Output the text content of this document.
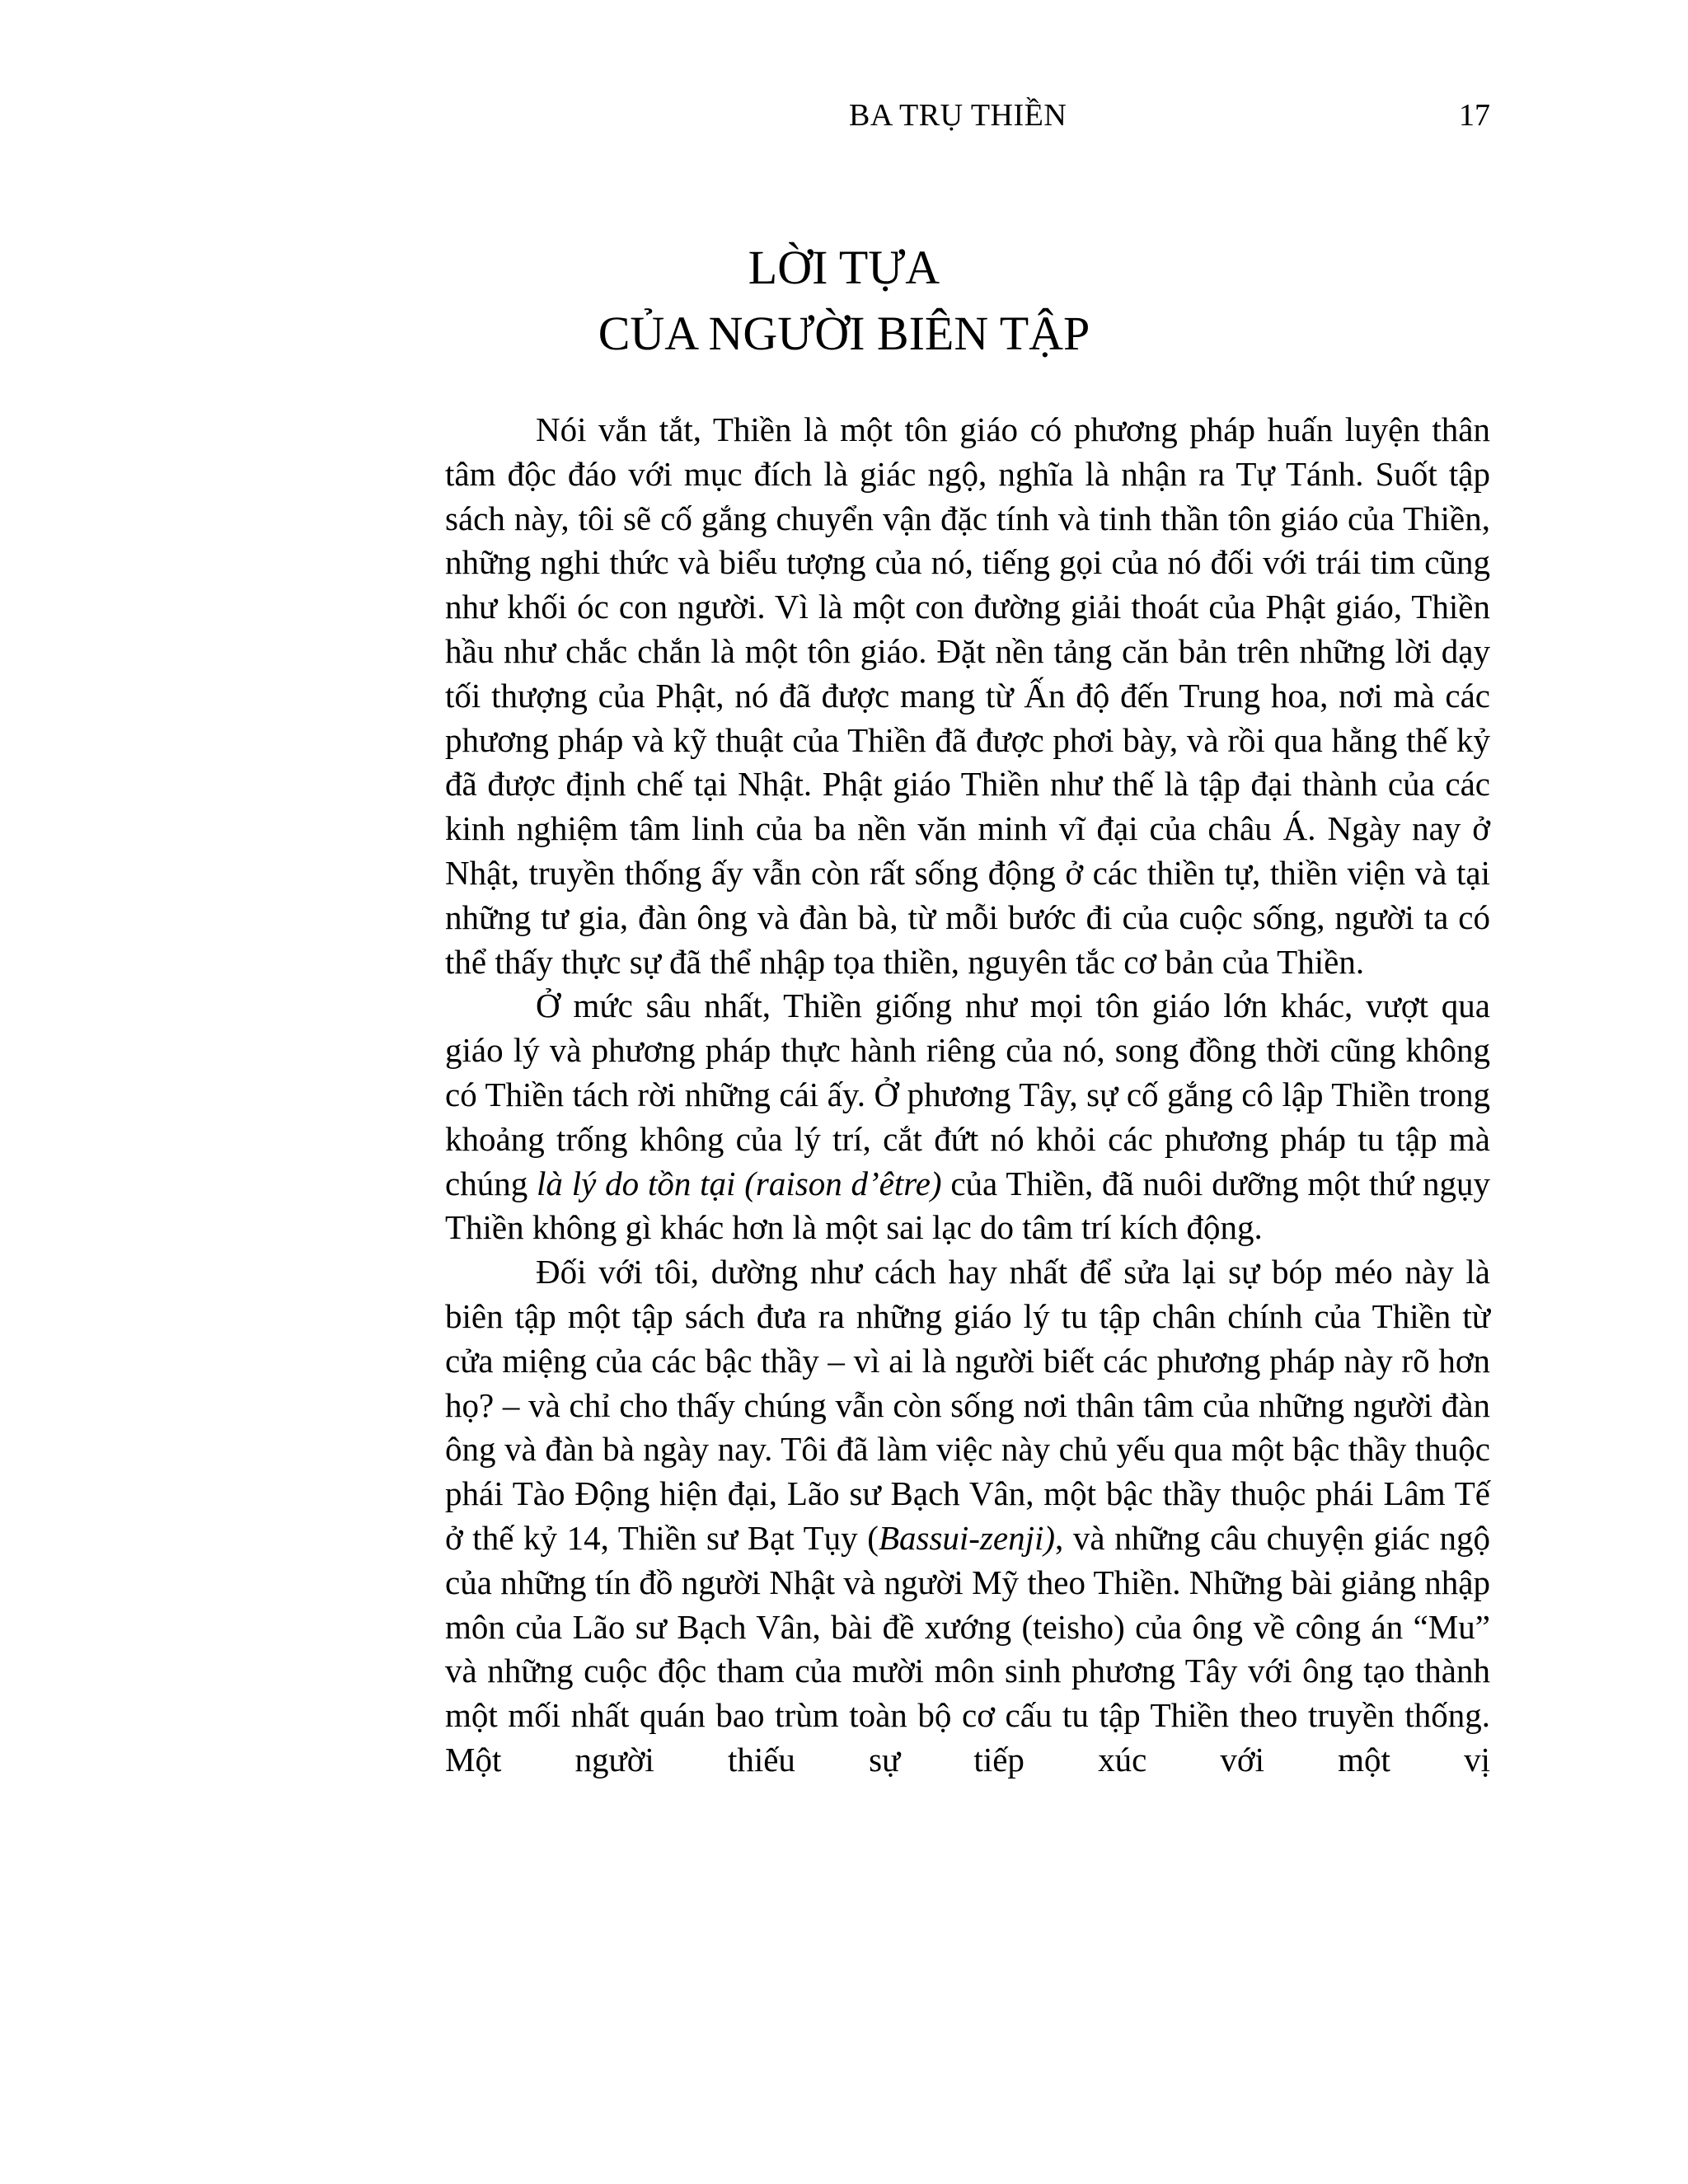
BA TRỤ THIỀN	17
LỜI TỰA
CỦA NGƯỜI BIÊN TẬP

Nói vắn tắt, Thiền là một tôn giáo có phương pháp huấn luyện thân tâm độc đáo với mục đích là giác ngộ, nghĩa là nhận ra Tự Tánh. Suốt tập sách này, tôi sẽ cố gắng chuyển vận đặc tính và tinh thần tôn giáo của Thiền, những nghi thức và biểu tượng của nó, tiếng gọi của nó đối với trái tim cũng như khối óc con người. Vì là một con đường giải thoát của Phật giáo, Thiền hầu như chắc chắn là một tôn giáo. Đặt nền tảng căn bản trên những lời dạy tối thượng của Phật, nó đã được mang từ Ấn độ đến Trung hoa, nơi mà các phương pháp và kỹ thuật của Thiền đã được phơi bày, và rồi qua hằng thế kỷ đã được định chế tại Nhật. Phật giáo Thiền như thế là tập đại thành của các kinh nghiệm tâm linh của ba nền văn minh vĩ đại của châu Á. Ngày nay ở Nhật, truyền thống ấy vẫn còn rất sống động ở các thiền tự, thiền viện và tại những tư gia, đàn ông và đàn bà, từ mỗi bước đi của cuộc sống, người ta có thể thấy thực sự đã thể nhập tọa thiền, nguyên tắc cơ bản của Thiền.

Ở mức sâu nhất, Thiền giống như mọi tôn giáo lớn khác, vượt qua giáo lý và phương pháp thực hành riêng của nó, song đồng thời cũng không có Thiền tách rời những cái ấy. Ở phương Tây, sự cố gắng cô lập Thiền trong khoảng trống không của lý trí, cắt đứt nó khỏi các phương pháp tu tập mà chúng là lý do tồn tại (raison d’être) của Thiền, đã nuôi dưỡng một thứ ngụy Thiền không gì khác hơn là một sai lạc do tâm trí kích động.

Đối với tôi, dường như cách hay nhất để sửa lại sự bóp méo này là biên tập một tập sách đưa ra những giáo lý tu tập chân chính của Thiền từ cửa miệng của các bậc thầy – vì ai là người biết các phương pháp này rõ hơn họ? – và chỉ cho thấy chúng vẫn còn sống nơi thân tâm của những người đàn ông và đàn bà ngày nay. Tôi đã làm việc này chủ yếu qua một bậc thầy thuộc phái Tào Động hiện đại, Lão sư Bạch Vân, một bậc thầy thuộc phái Lâm Tế ở thế kỷ 14, Thiền sư Bạt Tụy (Bassui-zenji), và những câu chuyện giác ngộ của những tín đồ người Nhật và người Mỹ theo Thiền. Những bài giảng nhập môn của Lão sư Bạch Vân, bài đề xướng (teisho) của ông về công án “Mu” và những cuộc độc tham của mười môn sinh phương Tây với ông tạo thành một mối nhất quán bao trùm toàn bộ cơ cấu tu tập Thiền theo truyền thống. Một người thiếu sự tiếp xúc với một vị
